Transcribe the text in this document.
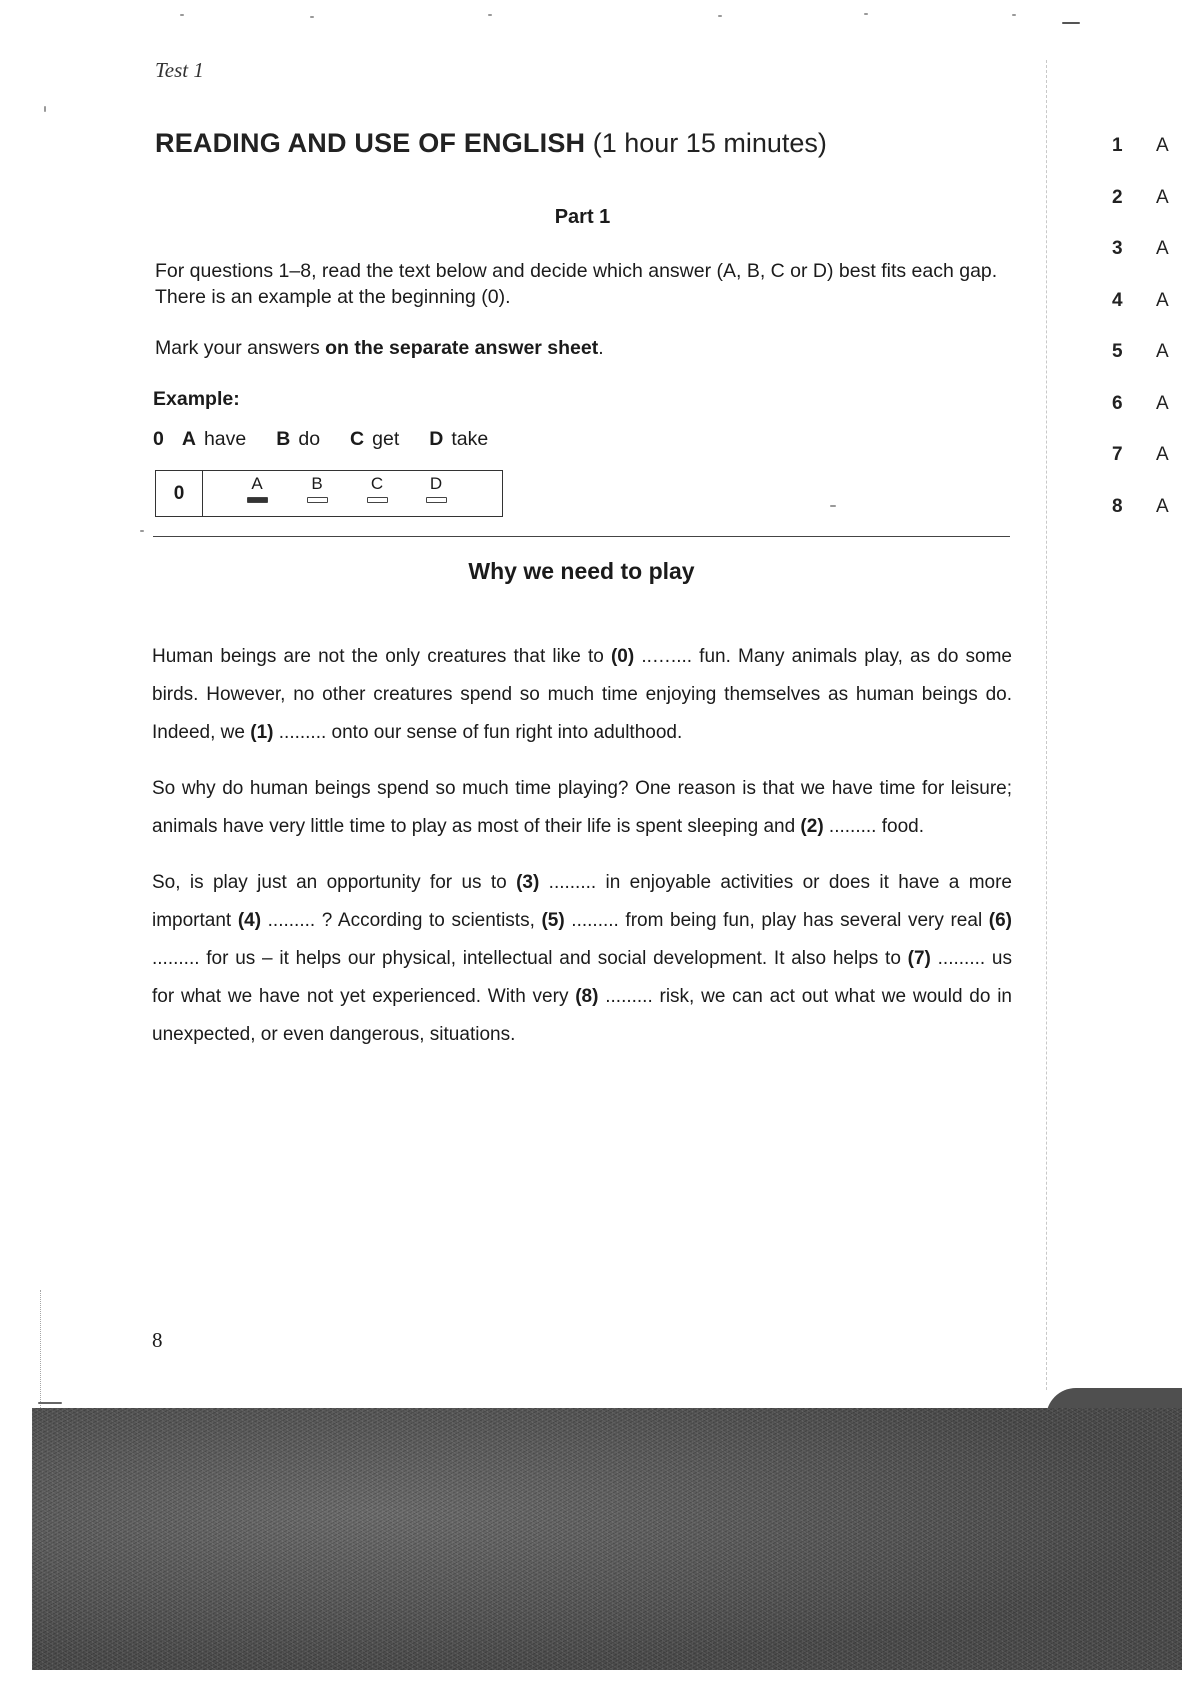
Test 1
READING AND USE OF ENGLISH (1 hour 15 minutes)
Part 1

For questions 1–8, read the text below and decide which answer (A, B, C or D) best fits each gap.

There is an example at the beginning (0).

Mark your answers on the separate answer sheet.
Example:
0 A have B do C get D take
0	A	B	C	D
Why we need to play

Human beings are not the only creatures that like to (0) ..….... fun. Many animals play, as do some birds. However, no other creatures spend so much time enjoying themselves as human beings do. Indeed, we (1) ......... onto our sense of fun right into adulthood.

So why do human beings spend so much time playing? One reason is that we have time for leisure; animals have very little time to play as most of their life is spent sleeping and (2) ......... food.

So, is play just an opportunity for us to (3) ......... in enjoyable activities or does it have a more important (4) ......... ? According to scientists, (5) ......... from being fun, play has several very real (6) ......... for us – it helps our physical, intellectual and social development. It also helps to (7) ......... us for what we have not yet experienced. With very (8) ......... risk, we can act out what we would do in unexpected, or even dangerous, situations.

8
1	A
2	A
3	A
4	A
5	A
6	A
7	A
8	A
